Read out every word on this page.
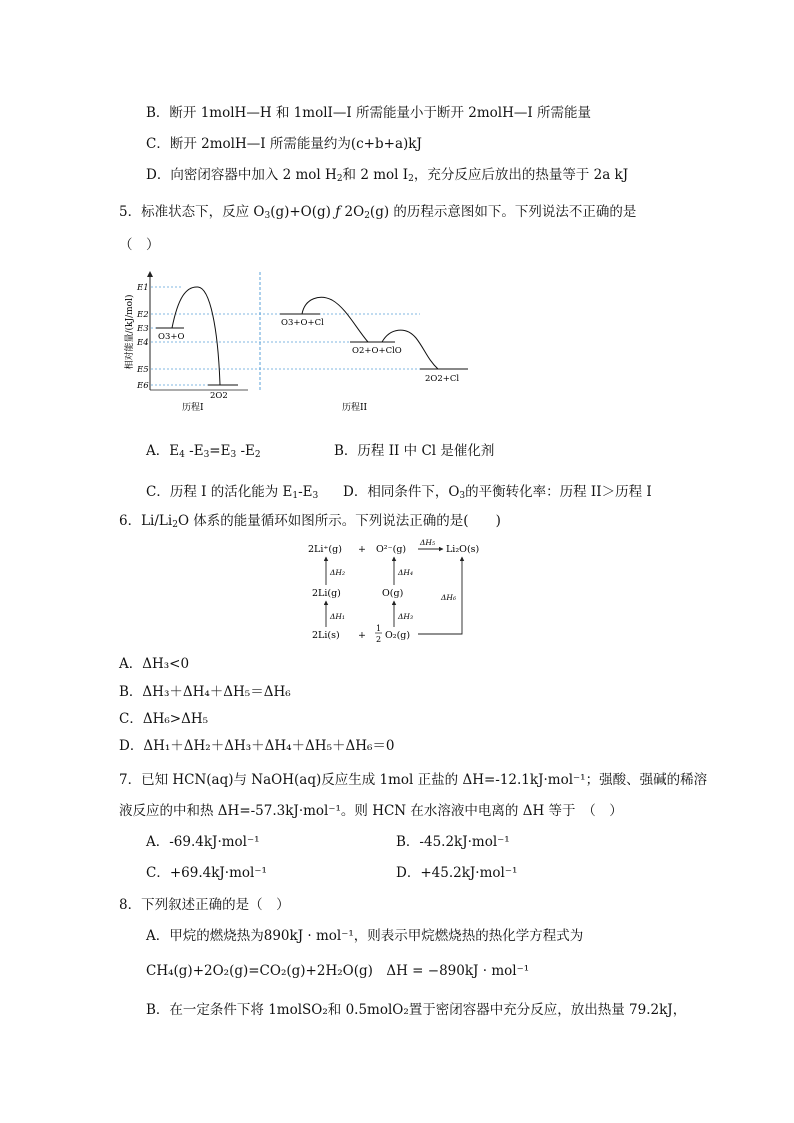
B．断开 1molH—H 和 1molI—I 所需能量小于断开 2molH—I 所需能量
C．断开 2molH—I 所需能量约为(c+b+a)kJ
D．向密闭容器中加入 2 mol $H_2$和 2 mol $I_2$，充分反应后放出的热量等于 2a kJ
5．标准状态下，反应 $O_3(g)+O(g)$ ƒ $2O_2(g)$ 的历程示意图如下。下列说法不正确的是
（　）
相对能量/(kJ/mol)
E1
E2
E3
E4
E5
E6
O3+O
2O2
历程I
O3+O+Cl
O2+O+ClO
2O2+Cl
历程II
A．$E_4$ $-E_3=E_3$ $-E_2$	B．历程 II 中 Cl 是催化剂
C．历程 I 的活化能为 $E_1-E_3$ D．相同条件下，$O_3$的平衡转化率：历程 II＞历程 I
6．$Li/Li_2O$ 体系的能量循环如图所示。下列说法正确的是(　　)
2Li⁺(g) + O²⁻(g)	Li₂O(s)
2Li(g)	O(g)
2Li(s) +
1
2 O₂(g)
ΔH₁
ΔH₂
ΔH₃
ΔH₄
ΔH₅
ΔH₆
A．ΔH₃<0
B．ΔH₃＋ΔH₄＋ΔH₅＝ΔH₆
C．ΔH₆>ΔH₅
D．ΔH₁＋ΔH₂＋ΔH₃＋ΔH₄＋ΔH₅＋ΔH₆＝0
7．已知 HCN(aq)与 NaOH(aq)反应生成 1mol 正盐的 ΔH=-12.1kJ·mol⁻¹；强酸、强碱的稀溶
液反应的中和热 ΔH=-57.3kJ·mol⁻¹。则 HCN 在水溶液中电离的 ΔH 等于　（　）
A．-69.4kJ·mol⁻¹	B．-45.2kJ·mol⁻¹
C．+69.4kJ·mol⁻¹	D．+45.2kJ·mol⁻¹
8．下列叙述正确的是（　）
A．甲烷的燃烧热为890kJ · mol⁻¹，则表示甲烷燃烧热的热化学方程式为
CH₄(g)+2O₂(g)=CO₂(g)+2H₂O(g)　ΔH = −890kJ · mol⁻¹
B．在一定条件下将 1molSO₂和 0.5molO₂置于密闭容器中充分反应，放出热量 79.2kJ，
